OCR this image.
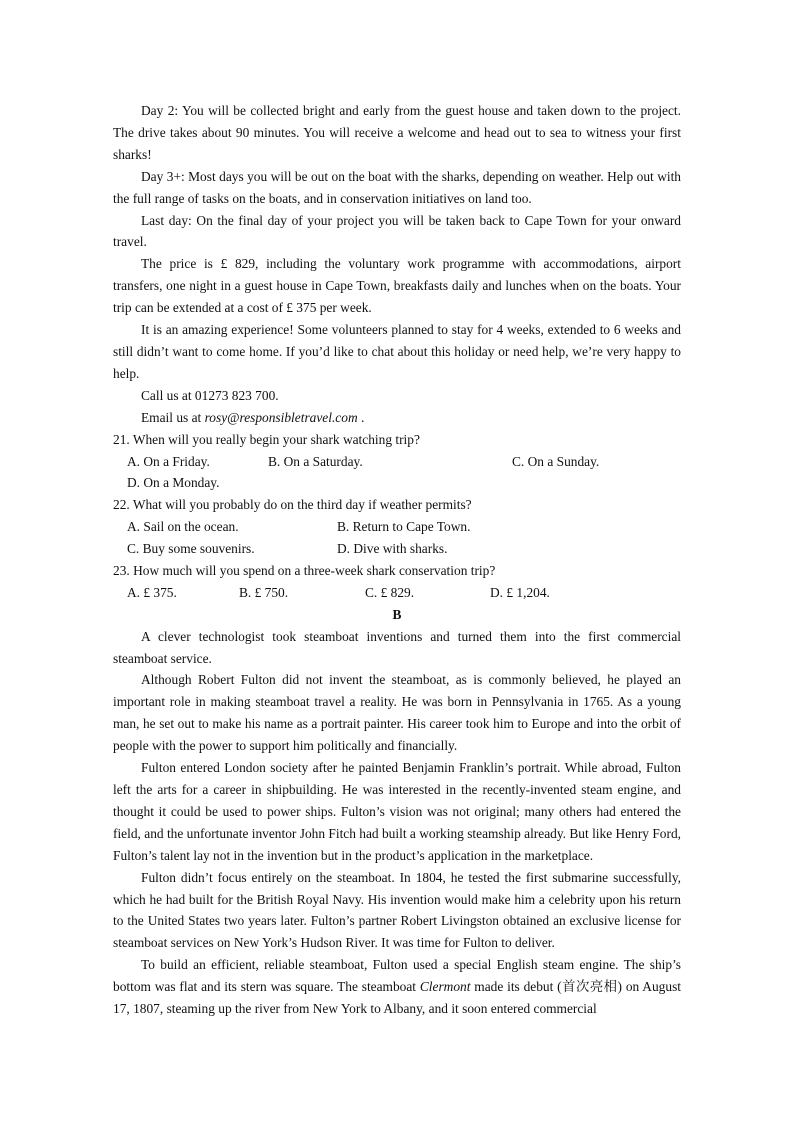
Day 2: You will be collected bright and early from the guest house and taken down to the project. The drive takes about 90 minutes. You will receive a welcome and head out to sea to witness your first sharks!

Day 3+: Most days you will be out on the boat with the sharks, depending on weather. Help out with the full range of tasks on the boats, and in conservation initiatives on land too.

Last day: On the final day of your project you will be taken back to Cape Town for your onward travel.

The price is £ 829, including the voluntary work programme with accommodations, airport transfers, one night in a guest house in Cape Town, breakfasts daily and lunches when on the boats. Your trip can be extended at a cost of £ 375 per week.

It is an amazing experience! Some volunteers planned to stay for 4 weeks, extended to 6 weeks and still didn’t want to come home. If you’d like to chat about this holiday or need help, we’re very happy to help.

Call us at 01273 823 700.

Email us at rosy@responsibletravel.com .

21. When will you really begin your shark watching trip?
A. On a Friday.	B. On a Saturday.	C. On a Sunday.
D. On a Monday.
22. What will you probably do on the third day if weather permits?
A. Sail on the ocean.	B. Return to Cape Town.
C. Buy some souvenirs.	D. Dive with sharks.
23. How much will you spend on a three-week shark conservation trip?
A. £ 375.	B. £ 750.	C. £ 829.	D. £ 1,204.
B

A clever technologist took steamboat inventions and turned them into the first commercial steamboat service.

Although Robert Fulton did not invent the steamboat, as is commonly believed, he played an important role in making steamboat travel a reality. He was born in Pennsylvania in 1765. As a young man, he set out to make his name as a portrait painter. His career took him to Europe and into the orbit of people with the power to support him politically and financially.

Fulton entered London society after he painted Benjamin Franklin’s portrait. While abroad, Fulton left the arts for a career in shipbuilding. He was interested in the recently-invented steam engine, and thought it could be used to power ships. Fulton’s vision was not original; many others had entered the field, and the unfortunate inventor John Fitch had built a working steamship already. But like Henry Ford, Fulton’s talent lay not in the invention but in the product’s application in the marketplace.

Fulton didn’t focus entirely on the steamboat. In 1804, he tested the first submarine successfully, which he had built for the British Royal Navy. His invention would make him a celebrity upon his return to the United States two years later. Fulton’s partner Robert Livingston obtained an exclusive license for steamboat services on New York’s Hudson River. It was time for Fulton to deliver.

To build an efficient, reliable steamboat, Fulton used a special English steam engine. The ship’s bottom was flat and its stern was square. The steamboat Clermont made its debut (首次亮相) on August 17, 1807, steaming up the river from New York to Albany, and it soon entered commercial
